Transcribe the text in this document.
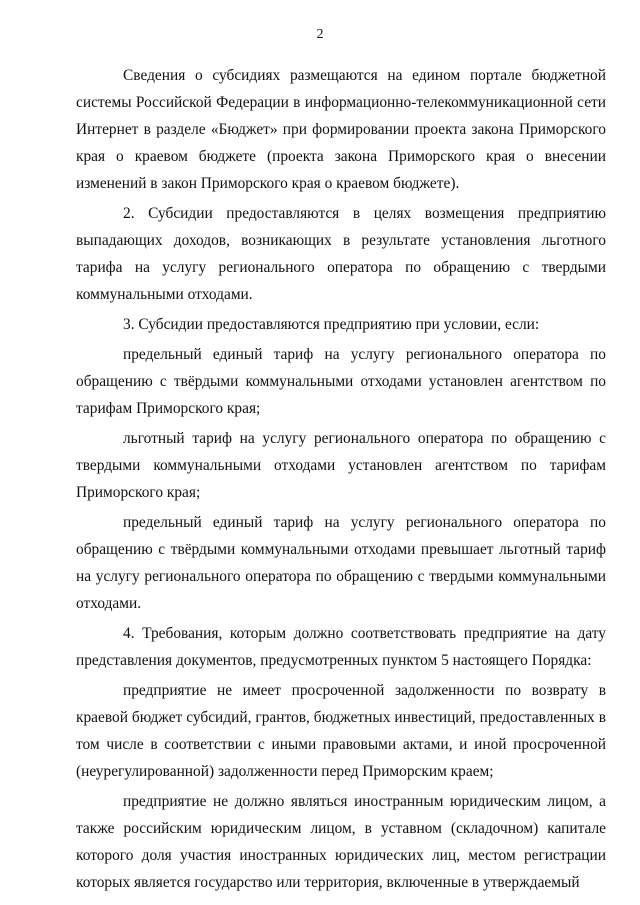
2

Сведения о субсидиях размещаются на едином портале бюджетной системы Российской Федерации в информационно-телекоммуникационной сети Интернет в разделе «Бюджет» при формировании проекта закона Приморского края о краевом бюджете (проекта закона Приморского края о внесении изменений в закон Приморского края о краевом бюджете).

2. Субсидии предоставляются в целях возмещения предприятию выпадающих доходов, возникающих в результате установления льготного тарифа на услугу регионального оператора по обращению с твердыми коммунальными отходами.

3. Субсидии предоставляются предприятию при условии, если:

предельный единый тариф на услугу регионального оператора по обращению с твёрдыми коммунальными отходами установлен агентством по тарифам Приморского края;

льготный тариф на услугу регионального оператора по обращению с твердыми коммунальными отходами установлен агентством по тарифам Приморского края;

предельный единый тариф на услугу регионального оператора по обращению с твёрдыми коммунальными отходами превышает льготный тариф на услугу регионального оператора по обращению с твердыми коммунальными отходами.

4. Требования, которым должно соответствовать предприятие на дату представления документов, предусмотренных пунктом 5 настоящего Порядка:

предприятие не имеет просроченной задолженности по возврату в краевой бюджет субсидий, грантов, бюджетных инвестиций, предоставленных в том числе в соответствии с иными правовыми актами, и иной просроченной (неурегулированной) задолженности перед Приморским краем;

предприятие не должно являться иностранным юридическим лицом, а также российским юридическим лицом, в уставном (складочном) капитале которого доля участия иностранных юридических лиц, местом регистрации которых является государство или территория, включенные в утверждаемый
